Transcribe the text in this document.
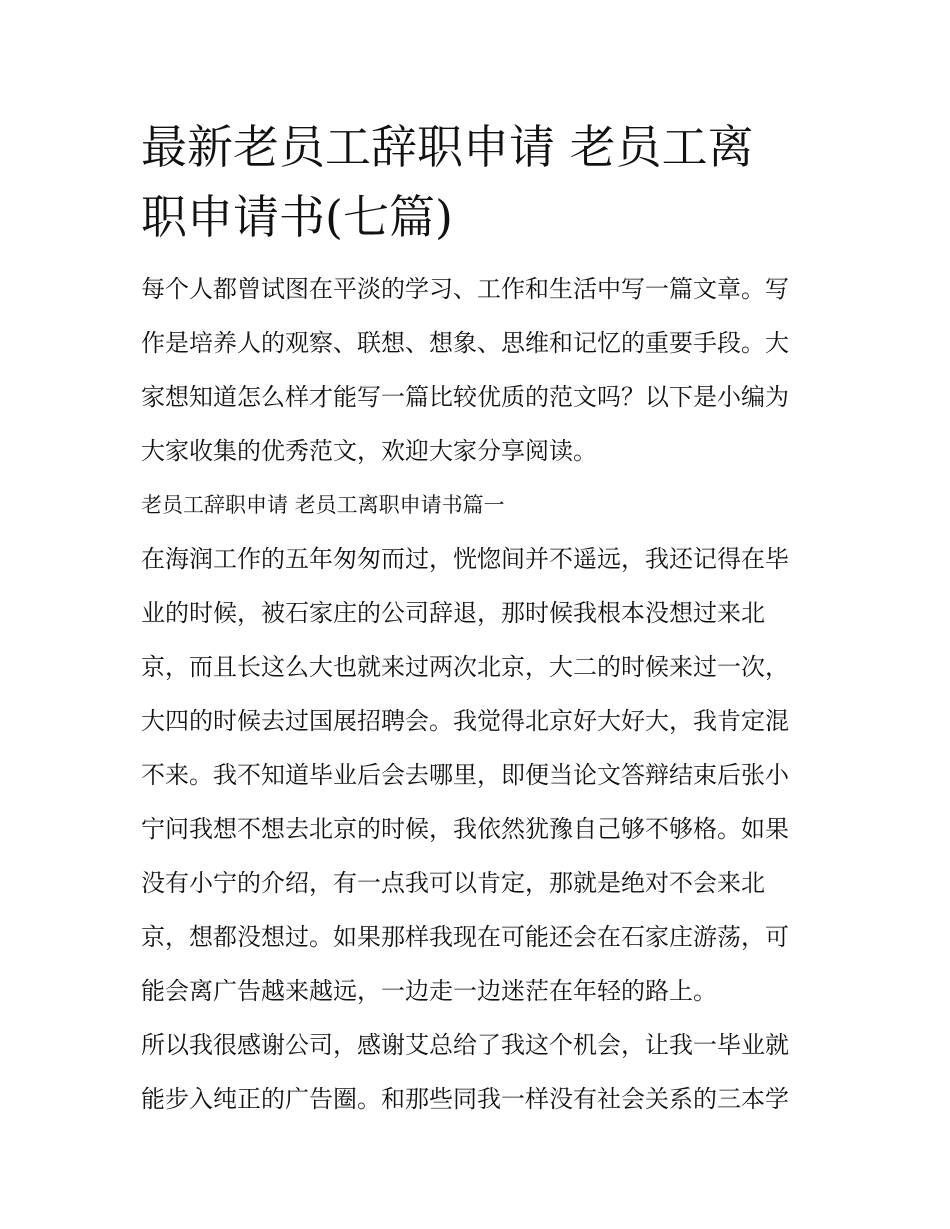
最新老员工辞职申请 老员工离
职申请书(七篇)

每个人都曾试图在平淡的学习、工作和生活中写一篇文章。写
作是培养人的观察、联想、想象、思维和记忆的重要手段。大
家想知道怎么样才能写一篇比较优质的范文吗？以下是小编为
大家收集的优秀范文，欢迎大家分享阅读。

老员工辞职申请 老员工离职申请书篇一

在海润工作的五年匆匆而过，恍惚间并不遥远，我还记得在毕
业的时候，被石家庄的公司辞退，那时候我根本没想过来北
京，而且长这么大也就来过两次北京，大二的时候来过一次，
大四的时候去过国展招聘会。我觉得北京好大好大，我肯定混
不来。我不知道毕业后会去哪里，即便当论文答辩结束后张小
宁问我想不想去北京的时候，我依然犹豫自己够不够格。如果
没有小宁的介绍，有一点我可以肯定，那就是绝对不会来北
京，想都没想过。如果那样我现在可能还会在石家庄游荡，可
能会离广告越来越远，一边走一边迷茫在年轻的路上。

所以我很感谢公司，感谢艾总给了我这个机会，让我一毕业就
能步入纯正的广告圈。和那些同我一样没有社会关系的三本学
